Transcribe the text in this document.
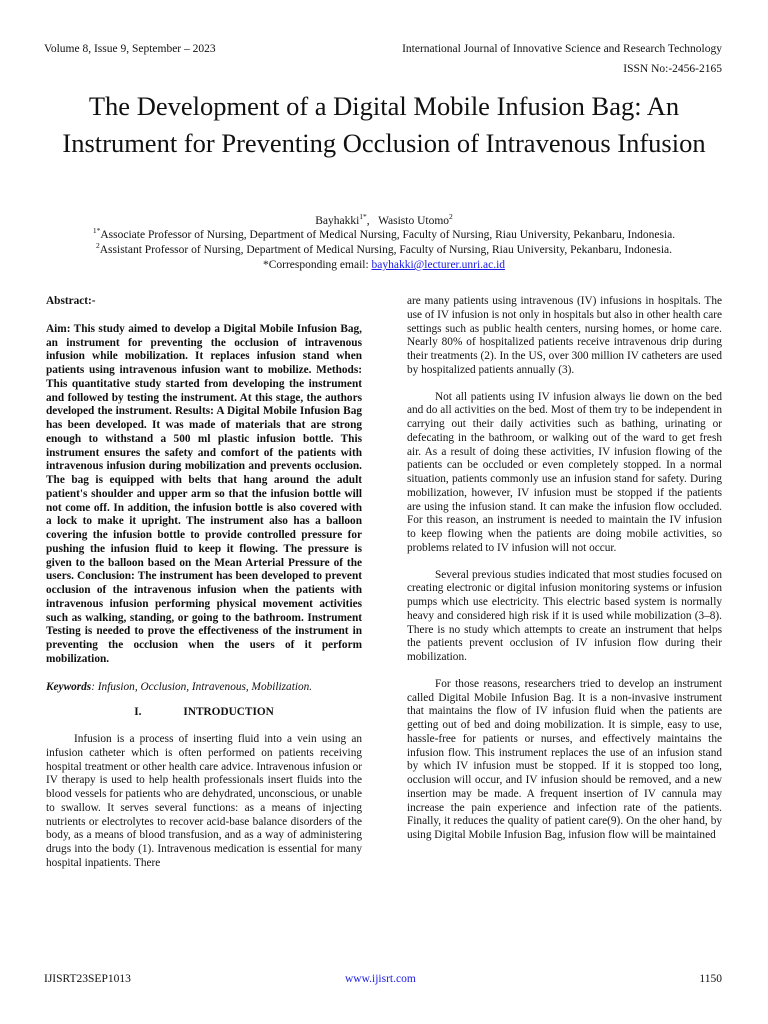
Volume 8, Issue 9, September – 2023	International Journal of Innovative Science and Research Technology
ISSN No:-2456-2165
The Development of a Digital Mobile Infusion Bag: An Instrument for Preventing Occlusion of Intravenous Infusion
Bayhakki$^{1*}$,   Wasisto Utomo$^2$
$^{1*}$Associate Professor of Nursing, Department of Medical Nursing, Faculty of Nursing, Riau University, Pekanbaru, Indonesia.
$^2$Assistant Professor of Nursing, Department of Medical Nursing, Faculty of Nursing, Riau University, Pekanbaru, Indonesia.
*Corresponding email: bayhakki@lecturer.unri.ac.id

Abstract:-

Aim: This study aimed to develop a Digital Mobile Infusion Bag, an instrument for preventing the occlusion of intravenous infusion while mobilization. It replaces infusion stand when patients using intravenous infusion want to mobilize. Methods: This quantitative study started from developing the instrument and followed by testing the instrument. At this stage, the authors developed the instrument. Results: A Digital Mobile Infusion Bag has been developed. It was made of materials that are strong enough to withstand a 500 ml plastic infusion bottle. This instrument ensures the safety and comfort of the patients with intravenous infusion during mobilization and prevents occlusion. The bag is equipped with belts that hang around the adult patient's shoulder and upper arm so that the infusion bottle will not come off. In addition, the infusion bottle is also covered with a lock to make it upright. The instrument also has a balloon covering the infusion bottle to provide controlled pressure for pushing the infusion fluid to keep it flowing. The pressure is given to the balloon based on the Mean Arterial Pressure of the users. Conclusion: The instrument has been developed to prevent occlusion of the intravenous infusion when the patients with intravenous infusion performing physical movement activities such as walking, standing, or going to the bathroom. Instrument Testing is needed to prove the effectiveness of the instrument in preventing the occlusion when the users of it perform mobilization.

Keywords: Infusion, Occlusion, Intravenous, Mobilization.

I.	INTRODUCTION

Infusion is a process of inserting fluid into a vein using an infusion catheter which is often performed on patients receiving hospital treatment or other health care advice. Intravenous infusion or IV therapy is used to help health professionals insert fluids into the blood vessels for patients who are dehydrated, unconscious, or unable to swallow. It serves several functions: as a means of injecting nutrients or electrolytes to recover acid-base balance disorders of the body, as a means of blood transfusion, and as a way of administering drugs into the body (1). Intravenous medication is essential for many hospital inpatients. There

are many patients using intravenous (IV) infusions in hospitals. The use of IV infusion is not only in hospitals but also in other health care settings such as public health centers, nursing homes, or home care. Nearly 80% of hospitalized patients receive intravenous drip during their treatments (2). In the US, over 300 million IV catheters are used by hospitalized patients annually (3).

Not all patients using IV infusion always lie down on the bed and do all activities on the bed. Most of them try to be independent in carrying out their daily activities such as bathing, urinating or defecating in the bathroom, or walking out of the ward to get fresh air. As a result of doing these activities, IV infusion flowing of the patients can be occluded or even completely stopped. In a normal situation, patients commonly use an infusion stand for safety. During mobilization, however, IV infusion must be stopped if the patients are using the infusion stand. It can make the infusion flow occluded. For this reason, an instrument is needed to maintain the IV infusion to keep flowing when the patients are doing mobile activities, so problems related to IV infusion will not occur.

Several previous studies indicated that most studies focused on creating electronic or digital infusion monitoring systems or infusion pumps which use electricity. This electric based system is normally heavy and considered high risk if it is used while mobilization (3–8). There is no study which attempts to create an instrument that helps the patients prevent occlusion of IV infusion flow during their mobilization.

For those reasons, researchers tried to develop an instrument called Digital Mobile Infusion Bag. It is a non-invasive instrument that maintains the flow of IV infusion fluid when the patients are getting out of bed and doing mobilization. It is simple, easy to use, hassle-free for patients or nurses, and effectively maintains the infusion flow. This instrument replaces the use of an infusion stand by which IV infusion must be stopped. If it is stopped too long, occlusion will occur, and IV infusion should be removed, and a new insertion may be made. A frequent insertion of IV cannula may increase the pain experience and infection rate of the patients. Finally, it reduces the quality of patient care(9). On the oher hand, by using Digital Mobile Infusion Bag, infusion flow will be maintained

IJISRT23SEP1013	www.ijisrt.com	1150
